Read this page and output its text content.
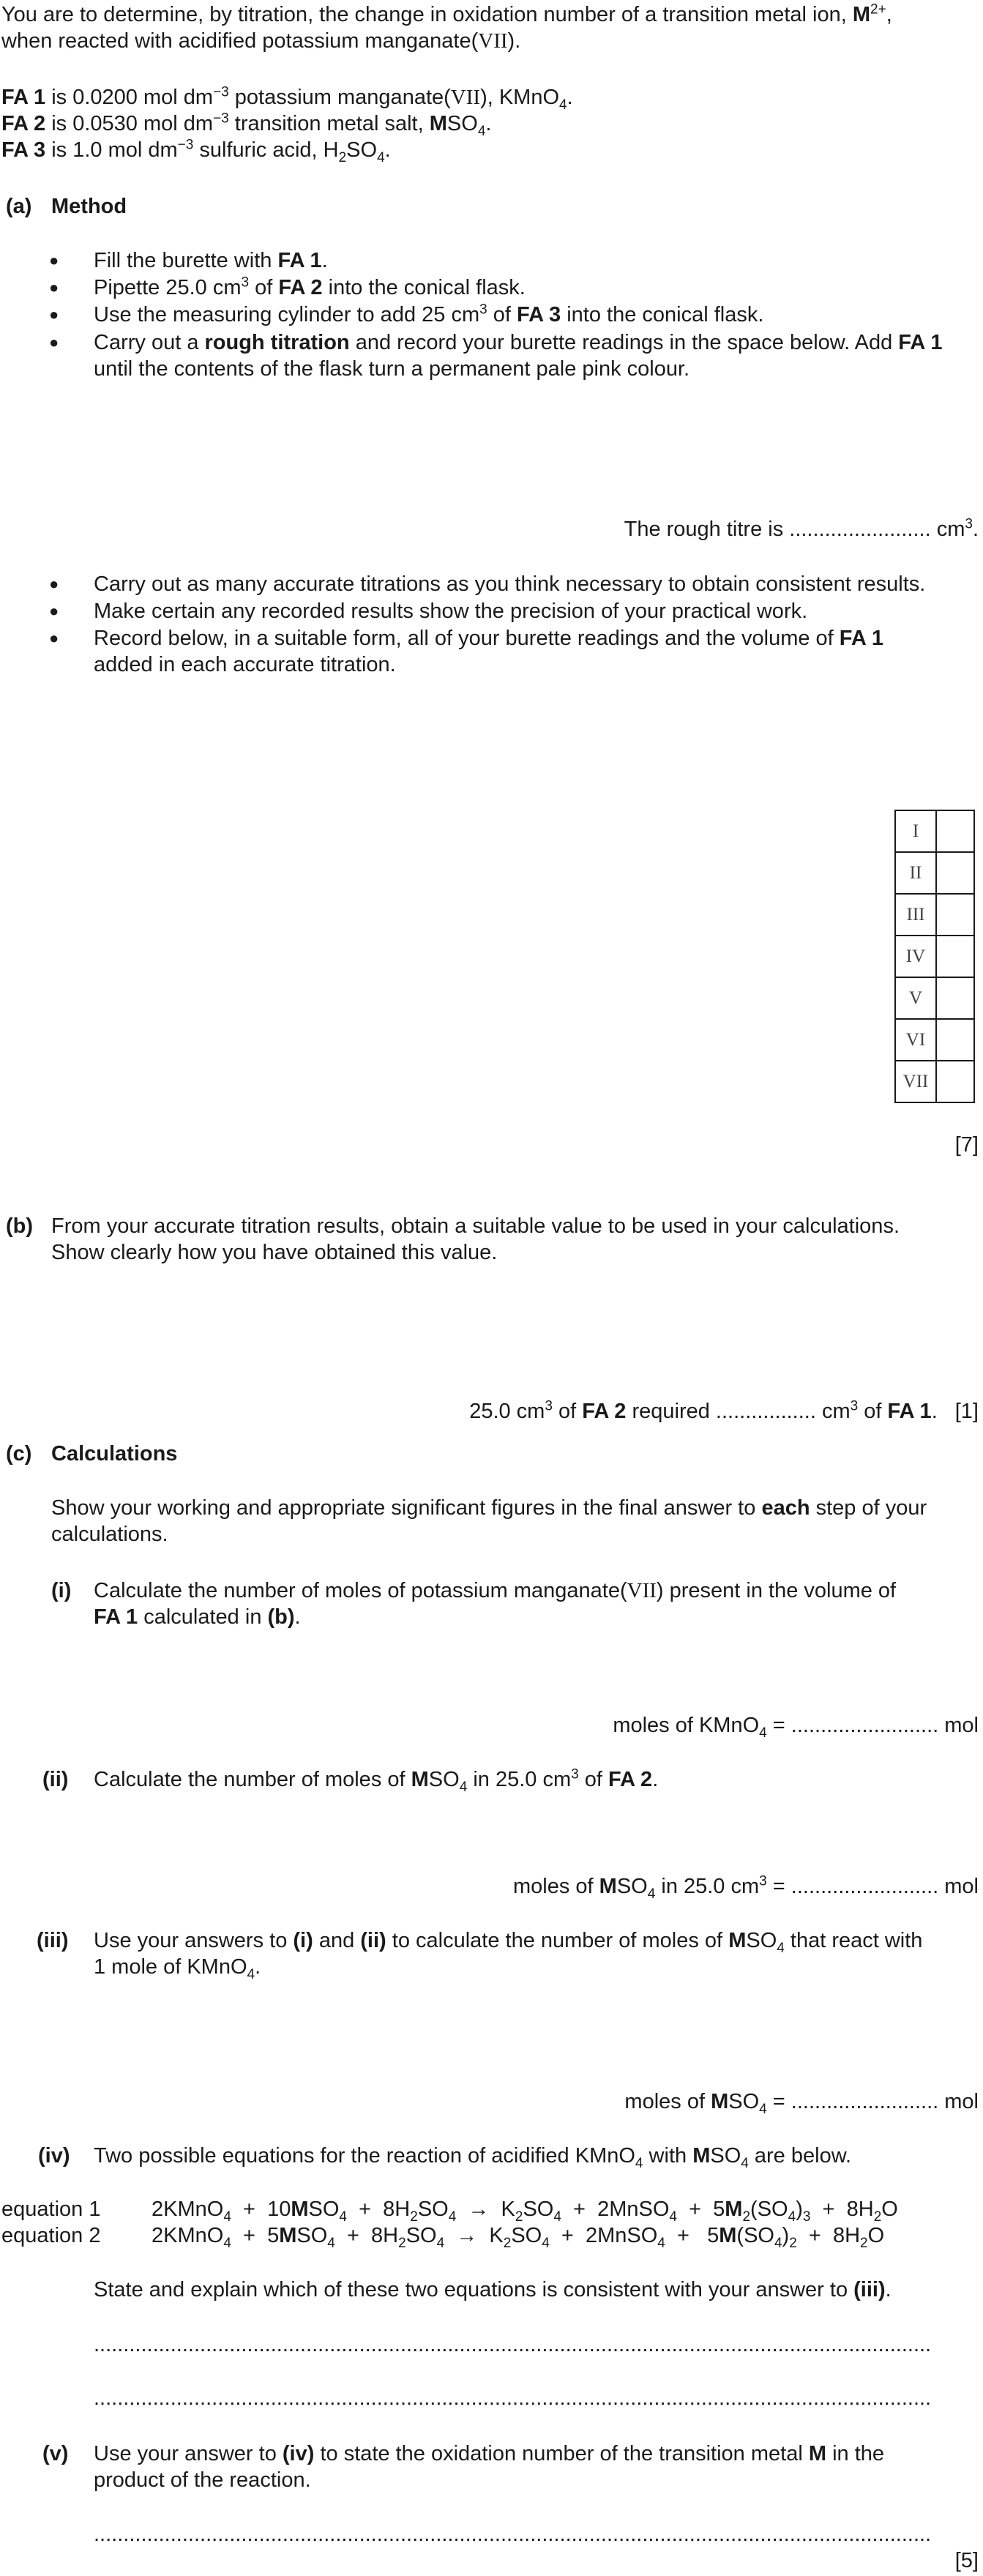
You are to determine, by titration, the change in oxidation number of a transition metal ion, $M^{2+}$,
when reacted with acidified potassium manganate(VII).
FA 1 is 0.0200 mol $dm^{-3}$ potassium manganate(VII), KMnO$_4$.
FA 2 is 0.0530 mol $dm^{-3}$ transition metal salt, $MSO_4$.
FA 3 is 1.0 mol $dm^{-3}$ sulfuric acid, $H_2SO_4$.
(a) Method
● Fill the burette with FA 1.
● Pipette 25.0 $cm^3$ of FA 2 into the conical flask.
● Use the measuring cylinder to add 25 $cm^3$ of FA 3 into the conical flask.
● Carry out a rough titration and record your burette readings in the space below. Add FA 1
until the contents of the flask turn a permanent pale pink colour.
The rough titre is ........................ $cm^3$.
● Carry out as many accurate titrations as you think necessary to obtain consistent results.
● Make certain any recorded results show the precision of your practical work.
● Record below, in a suitable form, all of your burette readings and the volume of FA 1
added in each accurate titration.
I	
II	
III	
IV	
V	
VI	
VII	
[7]
(b) From your accurate titration results, obtain a suitable value to be used in your calculations.
Show clearly how you have obtained this value.
25.0 $cm^3$ of FA 2 required ................. $cm^3$ of FA 1. [1]
(c) Calculations
Show your working and appropriate significant figures in the final answer to each step of your
calculations.
(i) Calculate the number of moles of potassium manganate(VII) present in the volume of
FA 1 calculated in (b).
moles of KMnO$_4$ = ......................... mol
(ii) Calculate the number of moles of $MSO_4$ in 25.0 $cm^3$ of FA 2.
moles of $MSO_4$ in 25.0 $cm^3$ = ......................... mol
(iii) Use your answers to (i) and (ii) to calculate the number of moles of $MSO_4$ that react with
1 mole of KMnO$_4$.
moles of $MSO_4$ = ......................... mol
(iv) Two possible equations for the reaction of acidified KMnO$_4$ with $MSO_4$ are below.
equation 1 2KMnO$_4$  +  $10MSO_4 + 8H_2SO_4 \to K_2SO_4$  +  2MnSO$_4$  +  $5M_2(SO_4)_3 + 8H_2O$
equation 2 2KMnO$_4$  +  $5MSO_4 + 8H_2SO_4 \to K_2SO_4$  +  2MnSO$_4$  +   $5M(SO_4)_2 + 8H_2O$
State and explain which of these two equations is consistent with your answer to (iii).
..............................................................................................................................................
..............................................................................................................................................
(v) Use your answer to (iv) to state the oxidation number of the transition metal M in the
product of the reaction.
..............................................................................................................................................
[5]
